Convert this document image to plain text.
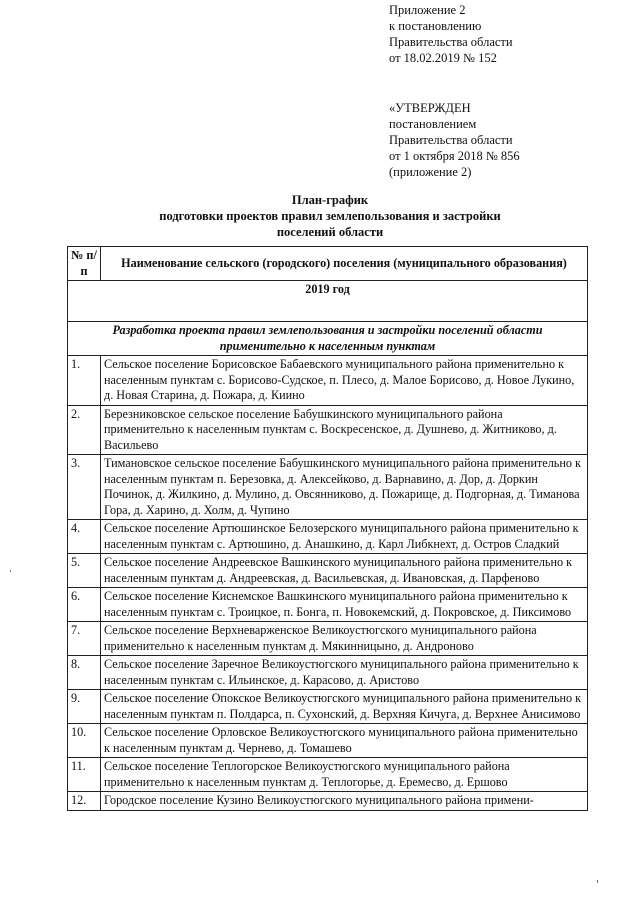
Приложение 2
к постановлению
Правительства области
от 18.02.2019 № 152
«УТВЕРЖДЕН
постановлением
Правительства области
от 1 октября 2018 № 856
(приложение 2)
План-график
подготовки проектов правил землепользования и застройки
поселений области
№ п/п	Наименование сельского (городского) поселения (муниципального образования)
2019 год	
Разработка проекта правил землепользования и застройки поселений области применительно к населенным пунктам	
1.	Сельское поселение Борисовское Бабаевского муниципального района применительно к населенным пунктам с. Борисово-Судское, п. Плесо, д. Малое Борисово, д. Новое Лукино, д. Новая Старина, д. Пожара, д. Киино
2.	Березниковское сельское поселение Бабушкинского муниципального района применительно к населенным пунктам с. Воскресенское, д. Душнево, д. Житниково, д. Васильево
3.	Тимановское сельское поселение Бабушкинского муниципального района применительно к населенным пунктам п. Березовка, д. Алексейково, д. Варнавино, д. Дор, д. Доркин Починок, д. Жилкино, д. Мулино, д. Овсянниково, д. Пожарище, д. Подгорная, д. Тиманова Гора, д. Харино, д. Холм, д. Чупино
4.	Сельское поселение Артюшинское Белозерского муниципального района применительно к населенным пунктам с. Артюшино, д. Анашкино, д. Карл Либкнехт, д. Остров Сладкий
5.	Сельское поселение Андреевское Вашкинского муниципального района применительно к населенным пунктам д. Андреевская, д. Васильевская, д. Ивановская, д. Парфеново
6.	Сельское поселение Киснемское Вашкинского муниципального района применительно к населенным пунктам с. Троицкое, п. Бонга, п. Новокемский, д. Покровское, д. Пиксимово
7.	Сельское поселение Верхневарженское Великоустюгского муниципального района применительно к населенным пунктам д. Мякинницыно, д. Андроново
8.	Сельское поселение Заречное Великоустюгского муниципального района применительно к населенным пунктам с. Ильинское, д. Карасово, д. Аристово
9.	Сельское поселение Опокское Великоустюгского муниципального района применительно к населенным пунктам п. Полдарса, п. Сухонский, д. Верхняя Кичуга, д. Верхнее Анисимово
10.	Сельское поселение Орловское Великоустюгского муниципального района применительно к населенным пунктам д. Чернево, д. Томашево
11.	Сельское поселение Теплогорское Великоустюгского муниципального района применительно к населенным пунктам д. Теплогорье, д. Еремесво, д. Ершово
12.	Городское поселение Кузино Великоустюгского муниципального района примени-
